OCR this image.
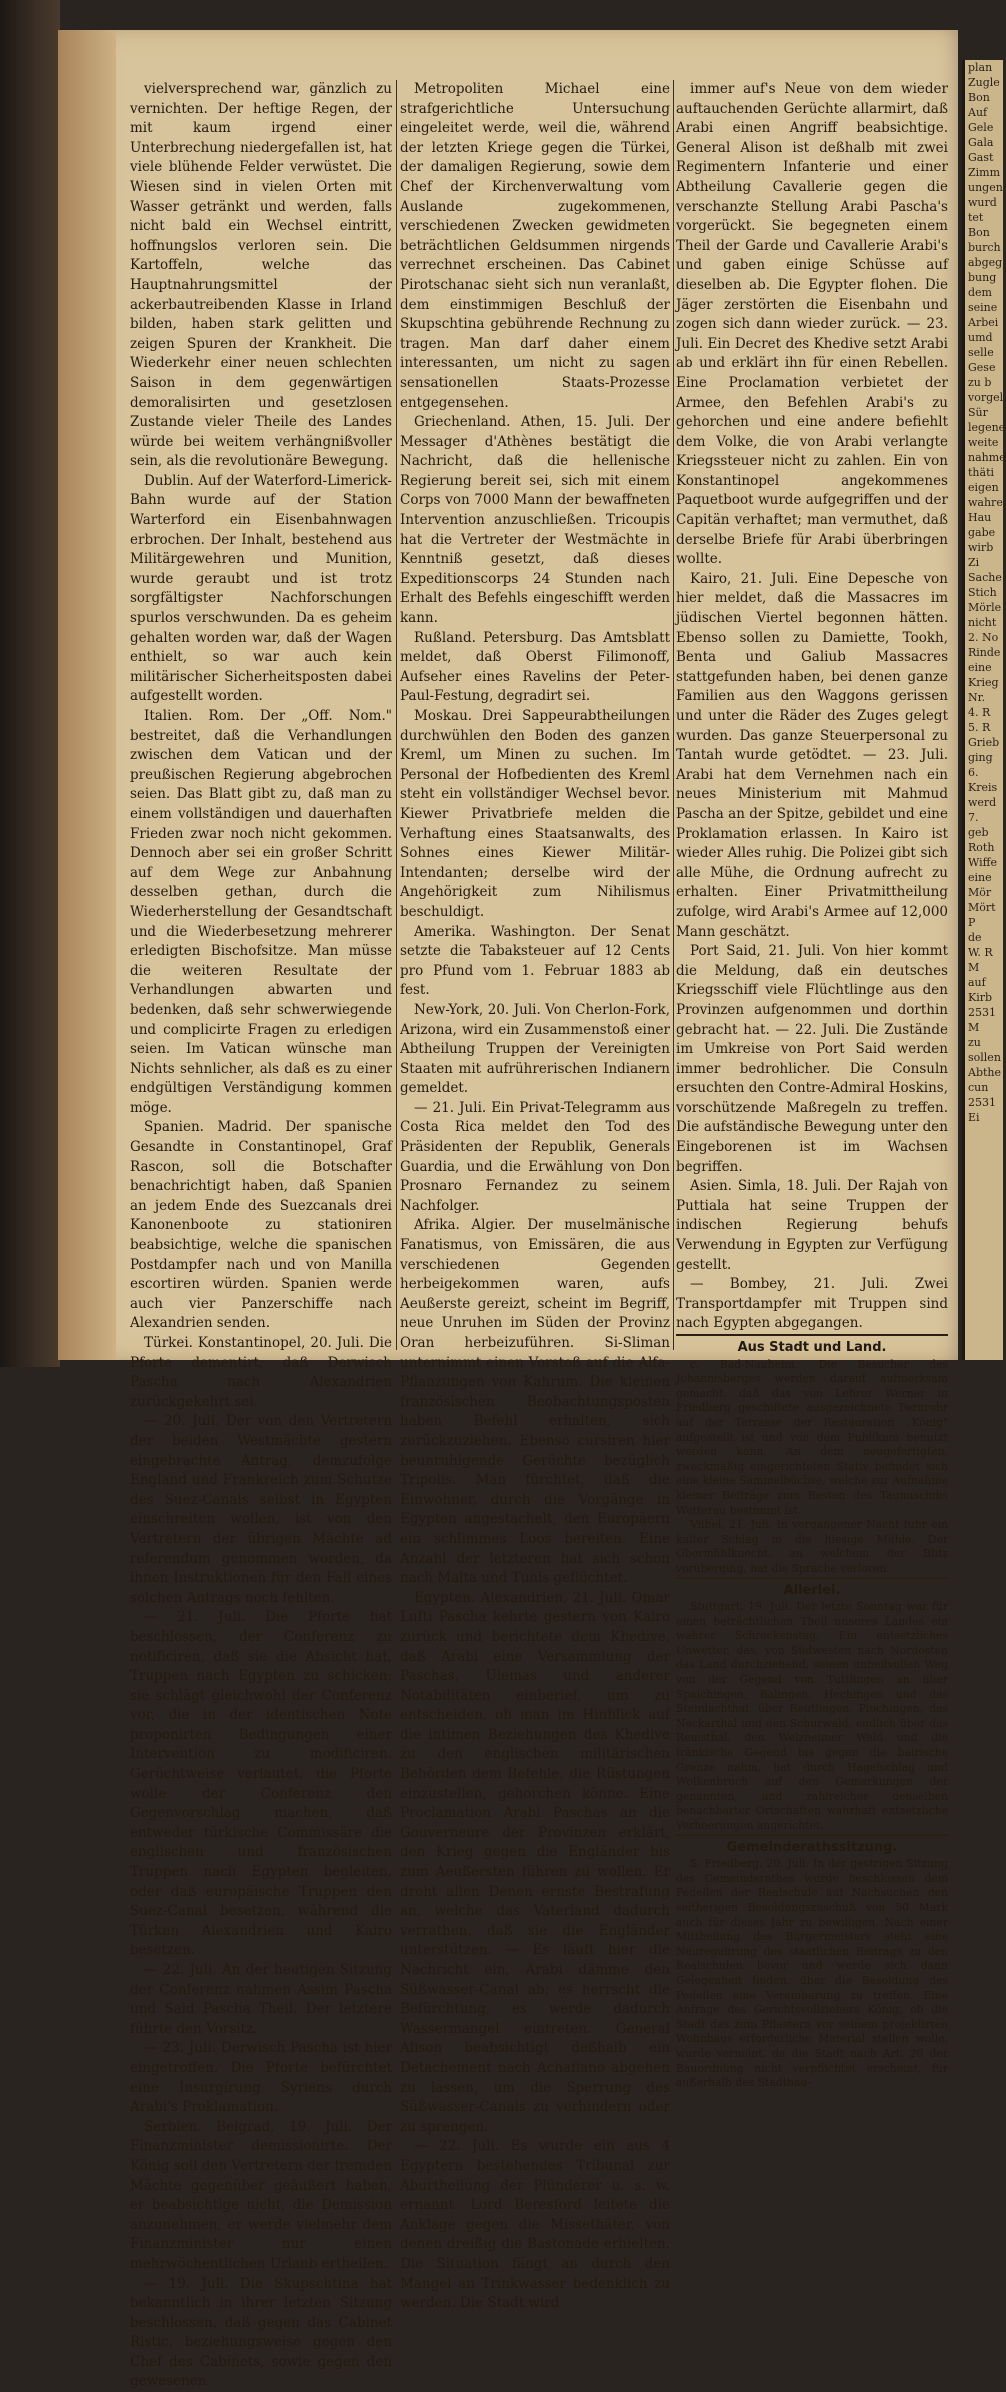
plan
Zugle
Bon
Auf
Gele
Gala
Gast
Zimm
ungen
wurd
tet
Bon
burch
abgeg
bung
dem
seine
Arbei
umd
selle
Gese
zu b
vorgel
Sür
legene
weite
nahme
thäti
eigen
wahre
Hau
gabe
wirb
Zi
Sache
Stich
Mörle
nicht
2. No
Rinde
eine
Krieg
Nr.
4. R
5. R
Grieb
ging
6.
Kreis
werd
7.
geb
Roth
Wiffe
eine
Mör
Mört
P
de
W. R
M
auf
Kirb
2531
M
zu
sollen
Abthe
cun
2531
Ei

vielversprechend war, gänzlich zu vernichten. Der heftige Regen, der mit kaum irgend einer Unterbrechung niedergefallen ist, hat viele blühende Felder verwüstet. Die Wiesen sind in vielen Orten mit Wasser getränkt und werden, falls nicht bald ein Wechsel eintritt, hoffnungslos verloren sein. Die Kartoffeln, welche das Hauptnahrungsmittel der ackerbautreibenden Klasse in Irland bilden, haben stark gelitten und zeigen Spuren der Krankheit. Die Wiederkehr einer neuen schlechten Saison in dem gegenwärtigen demoralisirten und gesetzlosen Zustande vieler Theile des Landes würde bei weitem verhängnißvoller sein, als die revolutionäre Bewegung.

Dublin. Auf der Waterford-Limerick-Bahn wurde auf der Station Warterford ein Eisenbahnwagen erbrochen. Der Inhalt, bestehend aus Militärgewehren und Munition, wurde geraubt und ist trotz sorgfältigster Nachforschungen spurlos verschwunden. Da es geheim gehalten worden war, daß der Wagen enthielt, so war auch kein militärischer Sicherheitsposten dabei aufgestellt worden.

Italien. Rom. Der „Off. Nom." bestreitet, daß die Verhandlungen zwischen dem Vatican und der preußischen Regierung abgebrochen seien. Das Blatt gibt zu, daß man zu einem vollständigen und dauerhaften Frieden zwar noch nicht gekommen. Dennoch aber sei ein großer Schritt auf dem Wege zur Anbahnung desselben gethan, durch die Wiederherstellung der Gesandtschaft und die Wiederbesetzung mehrerer erledigten Bischofsitze. Man müsse die weiteren Resultate der Verhandlungen abwarten und bedenken, daß sehr schwerwiegende und complicirte Fragen zu erledigen seien. Im Vatican wünsche man Nichts sehnlicher, als daß es zu einer endgültigen Verständigung kommen möge.

Spanien. Madrid. Der spanische Gesandte in Constantinopel, Graf Rascon, soll die Botschafter benachrichtigt haben, daß Spanien an jedem Ende des Suezcanals drei Kanonenboote zu stationiren beabsichtige, welche die spanischen Postdampfer nach und von Manilla escortiren würden. Spanien werde auch vier Panzerschiffe nach Alexandrien senden.

Türkei. Konstantinopel, 20. Juli. Die Pforte dementirt, daß Derwisch Pascha nach Alexandrien zurückgekehrt sei.

— 20. Juli. Der von den Vertretern der beiden Westmächte gestern eingebrachte Antrag, demzufolge England und Frankreich zum Schutze des Suez-Canals selbst in Egypten einschreiten wollen, ist von den Vertretern der übrigen Mächte ad referendum genommen worden, da ihnen Instruktionen für den Fall eines solchen Antrags noch fehlten.

— 21. Juli. Die Pforte hat beschlossen, der Conferenz zu notificiren, daß sie die Absicht hat, Truppen nach Egypten zu schicken; sie schlägt gleichwohl der Conferenz vor, die in der identischen Note proponirten Bedingungen einer Intervention zu modificiren. Gerüchtweise verlautet, die Pforte wolle der Conferenz den Gegenvorschlag machen, daß entweder türkische Commissäre die englischen und französischen Truppen nach Egypten begleiten, oder daß europäische Truppen den Suez-Canal besetzen, während die Türken Alexandrien und Kairo besetzen.

— 22. Juli. An der heutigen Sitzung der Conferenz nahmen Assim Pascha und Said Pascha Theil. Der letztere führte den Vorsitz.

— 23. Juli. Derwisch Pascha ist hier eingetroffen. Die Pforte befürchtet eine Insurgirung Syriens durch Arabi's Proklamation.

Serbien. Belgrad, 19. Juli. Der Finanzminister demissionirte. Der König soll den Vertretern der fremden Mächte gegenüber geäußert haben, er beabsichtige nicht, die Demission anzunehmen, er werde vielmehr dem Finanzminister nur einen mehrwöchentlichen Urlaub ertheilen.

— 19. Juli. Die Skupschtina hat bekanntlich in ihrer letzten Sitzung beschlossen, daß gegen das Cabinet Ristic, beziehungsweise gegen den Chef des Cabinets, sowie gegen den gewesenen

Metropoliten Michael eine strafgerichtliche Untersuchung eingeleitet werde, weil die, während der letzten Kriege gegen die Türkei, der damaligen Regierung, sowie dem Chef der Kirchenverwaltung vom Auslande zugekommenen, verschiedenen Zwecken gewidmeten beträchtlichen Geldsummen nirgends verrechnet erscheinen. Das Cabinet Pirotschanac sieht sich nun veranlaßt, dem einstimmigen Beschluß der Skupschtina gebührende Rechnung zu tragen. Man darf daher einem interessanten, um nicht zu sagen sensationellen Staats-Prozesse entgegensehen.

Griechenland. Athen, 15. Juli. Der Messager d'Athènes bestätigt die Nachricht, daß die hellenische Regierung bereit sei, sich mit einem Corps von 7000 Mann der bewaffneten Intervention anzuschließen. Tricoupis hat die Vertreter der Westmächte in Kenntniß gesetzt, daß dieses Expeditionscorps 24 Stunden nach Erhalt des Befehls eingeschifft werden kann.

Rußland. Petersburg. Das Amtsblatt meldet, daß Oberst Filimonoff, Aufseher eines Ravelins der Peter-Paul-Festung, degradirt sei.

Moskau. Drei Sappeurabtheilungen durchwühlen den Boden des ganzen Kreml, um Minen zu suchen. Im Personal der Hofbedienten des Kreml steht ein vollständiger Wechsel bevor. Kiewer Privatbriefe melden die Verhaftung eines Staatsanwalts, des Sohnes eines Kiewer Militär-Intendanten; derselbe wird der Angehörigkeit zum Nihilismus beschuldigt.

Amerika. Washington. Der Senat setzte die Tabaksteuer auf 12 Cents pro Pfund vom 1. Februar 1883 ab fest.

New-York, 20. Juli. Von Cherlon-Fork, Arizona, wird ein Zusammenstoß einer Abtheilung Truppen der Vereinigten Staaten mit aufrührerischen Indianern gemeldet.

— 21. Juli. Ein Privat-Telegramm aus Costa Rica meldet den Tod des Präsidenten der Republik, Generals Guardia, und die Erwählung von Don Prosnaro Fernandez zu seinem Nachfolger.

Afrika. Algier. Der muselmänische Fanatismus, von Emissären, die aus verschiedenen Gegenden herbeigekommen waren, aufs Aeußerste gereizt, scheint im Begriff, neue Unruhen im Süden der Provinz Oran herbeizuführen. Si-Sliman unternimmt einen Vorstoß auf die Alfa-Pflanzungen von Kahrum. Die kleinen französischen Beobachtungsposten haben Befehl erhalten, sich zurückzuziehen. Ebenso cursiren hier beunruhigende Gerüchte bezüglich Tripolis. Man fürchtet, daß die Einwohner, durch die Vorgänge in Egypten angestachelt, den Europäern ein schlimmes Loos bereiten. Eine Anzahl der letzteren hat sich schon nach Malta und Tunis geflüchtet.

Egypten. Alexandrien, 21. Juli. Omar Lufti Pascha kehrte gestern von Kairo zurück und berichtete dem Khedive, daß Arabi eine Versammlung der Paschas, Ulemas und anderer Notabilitäten einberief, um zu entscheiden, ob man im Hinblick auf die intimen Beziehungen des Khedive zu den englischen militärischen Behörden dem Befehle, die Rüstungen einzustellen, gehorchen könne. Eine Proclamation Arabi Paschas an die Gouverneure der Provinzen erklärt, den Krieg gegen die Engländer bis zum Aeußersten führen zu wollen. Er droht allen Denen ernste Bestrafung an, welche das Vaterland dadurch verrathen, daß sie die Engländer unterstützen. — Es läuft hier die Nachricht ein, Arabi dämme den Süßwasser-Canal ab; es herrscht die Befürchtung, es werde dadurch Wassermangel eintreten. General Alison beabsichtigt deßhalb ein Detachement nach Achaflano abgehen zu lassen, um die Sperrung des Süßwasser-Canals zu verhindern oder zu sprengen.

— 22. Juli. Es wurde ein aus 4 Egyptern bestehendes Tribunal zur Aburtheilung der Plünderer u. s. w. ernannt. Lord Beresford leitete die Anklage gegen die Missethäter, von denen dreißig die Bastonade erhielten. Die Situation fängt an durch den Mangel an Trinkwasser bedenklich zu werden. Die Stadt wird

immer auf's Neue von dem wieder auftauchenden Gerüchte allarmirt, daß Arabi einen Angriff beabsichtige. General Alison ist deßhalb mit zwei Regimentern Infanterie und einer Abtheilung Cavallerie gegen die verschanzte Stellung Arabi Pascha's vorgerückt. Sie begegneten einem Theil der Garde und Cavallerie Arabi's und gaben einige Schüsse auf dieselben ab. Die Egypter flohen. Die Jäger zerstörten die Eisenbahn und zogen sich dann wieder zurück. — 23. Juli. Ein Decret des Khedive setzt Arabi ab und erklärt ihn für einen Rebellen. Eine Proclamation verbietet der Armee, den Befehlen Arabi's zu gehorchen und eine andere befiehlt dem Volke, die von Arabi verlangte Kriegssteuer nicht zu zahlen. Ein von Konstantinopel angekommenes Paquetboot wurde aufgegriffen und der Capitän verhaftet; man vermuthet, daß derselbe Briefe für Arabi überbringen wollte.

Kairo, 21. Juli. Eine Depesche von hier meldet, daß die Massacres im jüdischen Viertel begonnen hätten. Ebenso sollen zu Damiette, Tookh, Benta und Galiub Massacres stattgefunden haben, bei denen ganze Familien aus den Waggons gerissen und unter die Räder des Zuges gelegt wurden. Das ganze Steuerpersonal zu Tantah wurde getödtet. — 23. Juli. Arabi hat dem Vernehmen nach ein neues Ministerium mit Mahmud Pascha an der Spitze, gebildet und eine Proklamation erlassen. In Kairo ist wieder Alles ruhig. Die Polizei gibt sich alle Mühe, die Ordnung aufrecht zu erhalten. Einer Privatmittheilung zufolge, wird Arabi's Armee auf 12,000 Mann geschätzt.

Port Said, 21. Juli. Von hier kommt die Meldung, daß ein deutsches Kriegsschiff viele Flüchtlinge aus den Provinzen aufgenommen und dorthin gebracht hat. — 22. Juli. Die Zustände im Umkreise von Port Said werden immer bedrohlicher. Die Consuln ersuchten den Contre-Admiral Hoskins, vorschützende Maßregeln zu treffen. Die aufständische Bewegung unter den Eingeborenen ist im Wachsen begriffen.

Asien. Simla, 18. Juli. Der Rajah von Puttiala hat seine Truppen der indischen Regierung behufs Verwendung in Egypten zur Verfügung gestellt.

— Bombey, 21. Juli. Zwei Transportdampfer mit Truppen sind nach Egypten abgegangen.

Aus Stadt und Land.

c. Bad-Nauheim. Die Besucher des Johannisberges werden darauf aufmerksam gemacht, daß das von Lehrer Werner in Friedberg geschiftete ausgezeichnete Fernrohr auf der Terrasse der Restauration „König" aufgestellt ist und von dem Publikum benutzt werden kann. An dem neugefertigten, zweckmäßig eingerichteten Stativ befindet sich eine kleine Sammelbüchse, welche zur Aufnahme kleiner Beiträge zum Besten des Taunusclubs Wetterau bestimmt ist.

Vilbel, 21. Juli. In vergangener Nacht fuhr ein kalter Schlag in die hiesige Mühle. Der Obermühlknecht, an welchem der Blitz vorüberging, hat die Sprache verloren.

Allerlei.

Stuttgart, 19. Juli. Der letzte Sonntag war für einen beträchtlichen Theil unseres Landes ein wahrer Schreckenstag. Ein entsetzliches Unwetter, das, von Südwesten nach Nordosten das Land durchziehend, seinen unheilvollen Weg von der Gegend von Tuttlingen an über Spaichingen, Balingen, Hechingen und das Steinlachthal, über Reutlingen, Plochingen, das Neckarthal und den Schurwald, endlich über das Remsthal, den Welzheimer Wald und die fränkische Gegend bis gegen die bairische Grenze nahm, hat durch Hagelschlag und Wolkenbruch auf den Gemarkungen der genannten, und zahlreicher denselben benachbarter Ortschaften wahrhaft entsetzliche Verheerungen angerichtet.

Gemeinderathssitzung.

S. Friedberg, 20. Juli. In der gestrigen Sitzung des Gemeinderathes wurde beschlossen dem Pedellen der Realschule auf Nachsuchen den seitherigen Besoldungszuschuß von 50 Mark auch für dieses Jahr zu bewilligen. Nach einer Mittheilung des Bürgermeisters steht eine Neuregulirung des staatlichen Beitrags zu den Realschulen bevor und werde sich dann Gelegenheit finden, über die Besoldung des Pedellen eine Vereinbarung zu treffen. Eine Anfrage des Gerichtsvollziehers König, ob die Stadt das zum Pflastern vor seinem projektirten Wohnhaus erforderliche Material stellen wolle, wurde verneint, da die Stadt nach Art. 20 der Bauordnung nicht verpflichtet erscheint, für außerhalb des Stadtbau-
